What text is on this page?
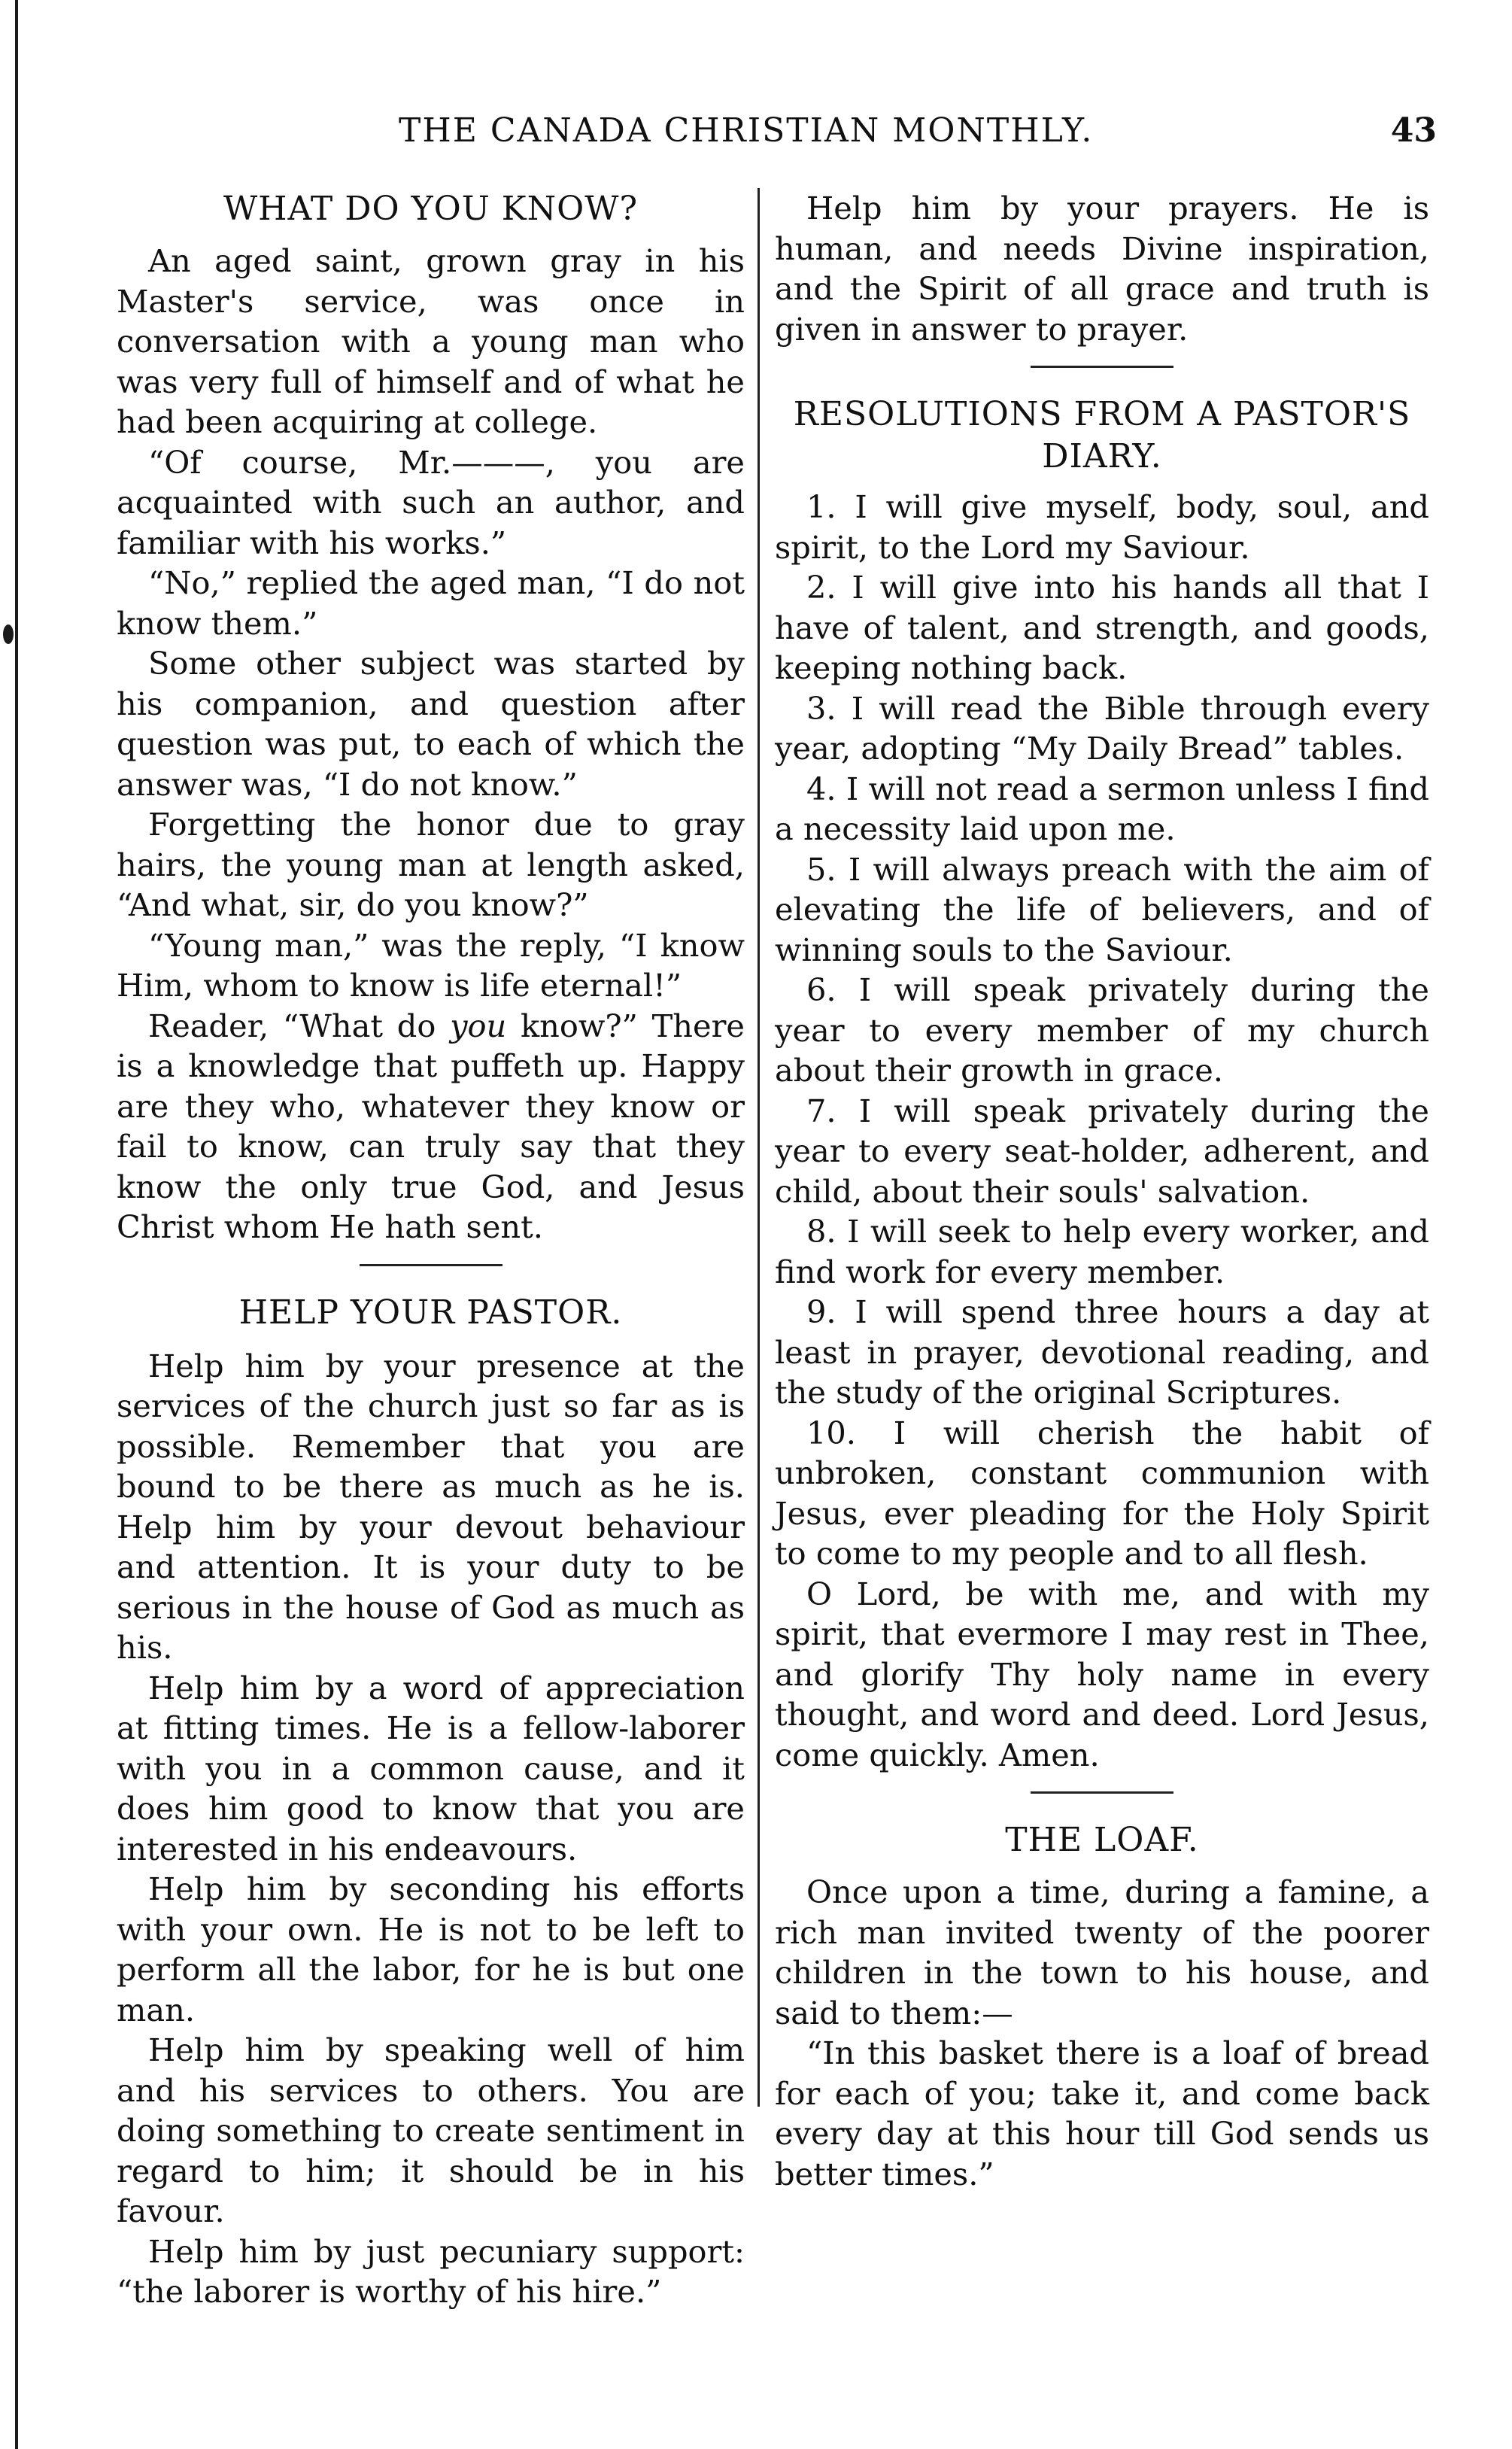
THE CANADA CHRISTIAN MONTHLY.	43
WHAT DO YOU KNOW?

An aged saint, grown gray in his Master's service, was once in conversation with a young man who was very full of himself and of what he had been acquiring at college.

“Of course, Mr.———, you are acquainted with such an author, and familiar with his works.”

“No,” replied the aged man, “I do not know them.”

Some other subject was started by his companion, and question after question was put, to each of which the answer was, “I do not know.”

Forgetting the honor due to gray hairs, the young man at length asked, “And what, sir, do you know?”

“Young man,” was the reply, “I know Him, whom to know is life eternal!”

Reader, “What do you know?” There is a knowledge that puffeth up. Happy are they who, whatever they know or fail to know, can truly say that they know the only true God, and Jesus Christ whom He hath sent.

HELP YOUR PASTOR.

Help him by your presence at the services of the church just so far as is possible. Remember that you are bound to be there as much as he is. Help him by your devout behaviour and attention. It is your duty to be serious in the house of God as much as his.

Help him by a word of appreciation at fitting times. He is a fellow-laborer with you in a common cause, and it does him good to know that you are interested in his endeavours.

Help him by seconding his efforts with your own. He is not to be left to perform all the labor, for he is but one man.

Help him by speaking well of him and his services to others. You are doing something to create sentiment in regard to him; it should be in his favour.

Help him by just pecuniary support: “the laborer is worthy of his hire.”

Help him by your prayers. He is human, and needs Divine inspiration, and the Spirit of all grace and truth is given in answer to prayer.

RESOLUTIONS FROM A PASTOR'S DIARY.

1. I will give myself, body, soul, and spirit, to the Lord my Saviour.

2. I will give into his hands all that I have of talent, and strength, and goods, keeping nothing back.

3. I will read the Bible through every year, adopting “My Daily Bread” tables.

4. I will not read a sermon unless I find a necessity laid upon me.

5. I will always preach with the aim of elevating the life of believers, and of winning souls to the Saviour.

6. I will speak privately during the year to every member of my church about their growth in grace.

7. I will speak privately during the year to every seat-holder, adherent, and child, about their souls' salvation.

8. I will seek to help every worker, and find work for every member.

9. I will spend three hours a day at least in prayer, devotional reading, and the study of the original Scriptures.

10. I will cherish the habit of unbroken, constant communion with Jesus, ever pleading for the Holy Spirit to come to my people and to all flesh.

O Lord, be with me, and with my spirit, that evermore I may rest in Thee, and glorify Thy holy name in every thought, and word and deed. Lord Jesus, come quickly. Amen.

THE LOAF.

Once upon a time, during a famine, a rich man invited twenty of the poorer children in the town to his house, and said to them:—

“In this basket there is a loaf of bread for each of you; take it, and come back every day at this hour till God sends us better times.”
